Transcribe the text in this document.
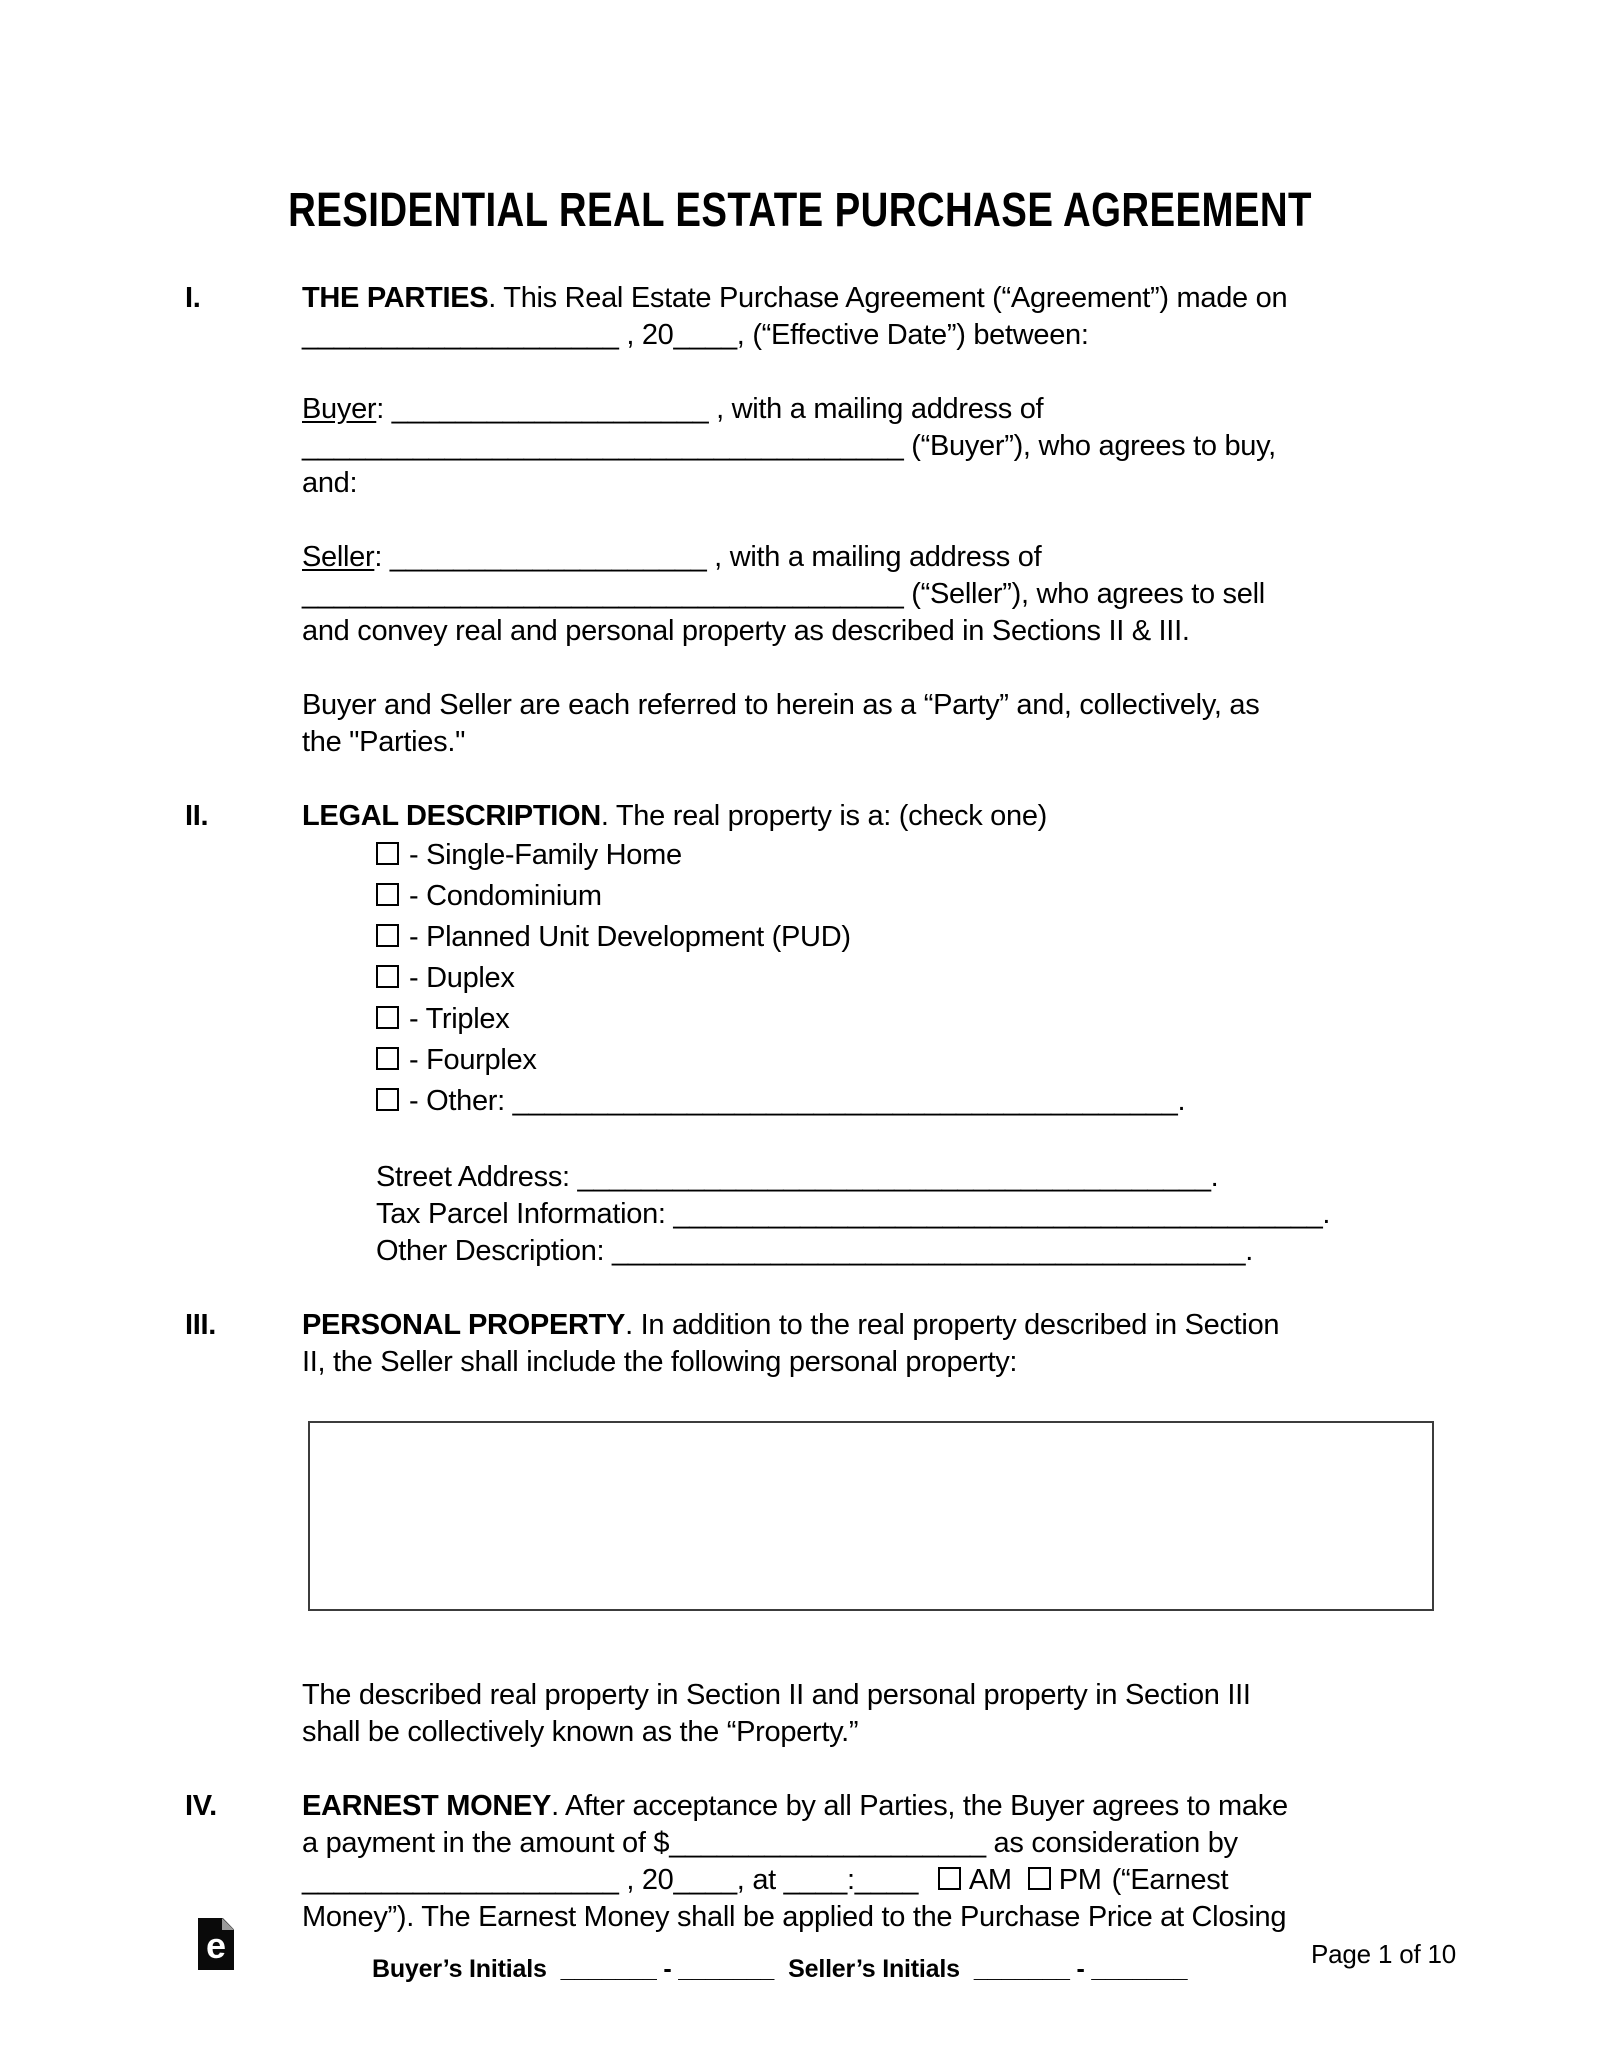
RESIDENTIAL REAL ESTATE PURCHASE AGREEMENT
I.	THE PARTIES. This Real Estate Purchase Agreement (“Agreement”) made on
____________________ , 20____, (“Effective Date”) between:

Buyer: ____________________ , with a mailing address of
______________________________________ (“Buyer”), who agrees to buy,
and:

Seller: ____________________ , with a mailing address of
______________________________________ (“Seller”), who agrees to sell
and convey real and personal property as described in Sections II & III.

Buyer and Seller are each referred to herein as a “Party” and, collectively, as
the "Parties."

II.	LEGAL DESCRIPTION. The real property is a: (check one)
- Single-Family Home
- Condominium
- Planned Unit Development (PUD)
- Duplex
- Triplex
- Fourplex
- Other: __________________________________________.

Street Address: ________________________________________.
Tax Parcel Information: _________________________________________.
Other Description: ________________________________________.

III.	PERSONAL PROPERTY. In addition to the real property described in Section
II, the Seller shall include the following personal property:

The described real property in Section II and personal property in Section III
shall be collectively known as the “Property.”

IV.	EARNEST MONEY. After acceptance by all Parties, the Buyer agrees to make
a payment in the amount of $____________________ as consideration by
____________________ , 20____, at ____:____ AM PM (“Earnest
Money”). The Earnest Money shall be applied to the Purchase Price at Closing

e
Buyer’s Initials _______ - _______ Seller’s Initials _______ - _______	Page 1 of 10
